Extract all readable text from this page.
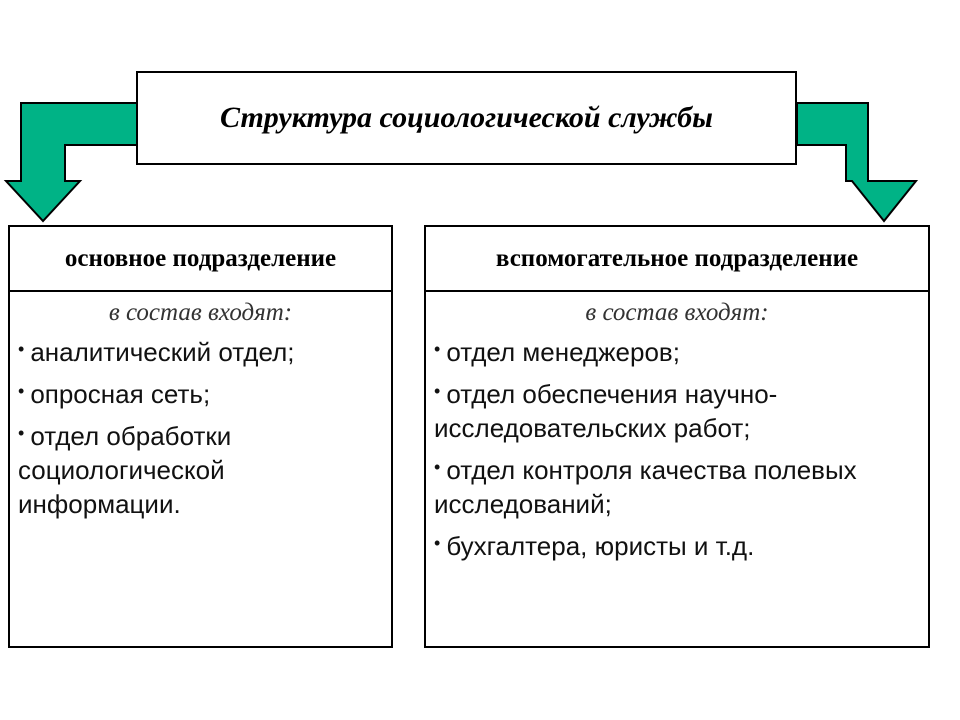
Структура социологической службы
основное подразделение
в состав входят:
• аналитический отдел;
• опросная сеть;
• отдел обработки социологической информации.
вспомогательное подразделение
в состав входят:
• отдел менеджеров;
• отдел обеспечения научно-исследовательских работ;
• отдел контроля качества полевых исследований;
• бухгалтера, юристы и т.д.
